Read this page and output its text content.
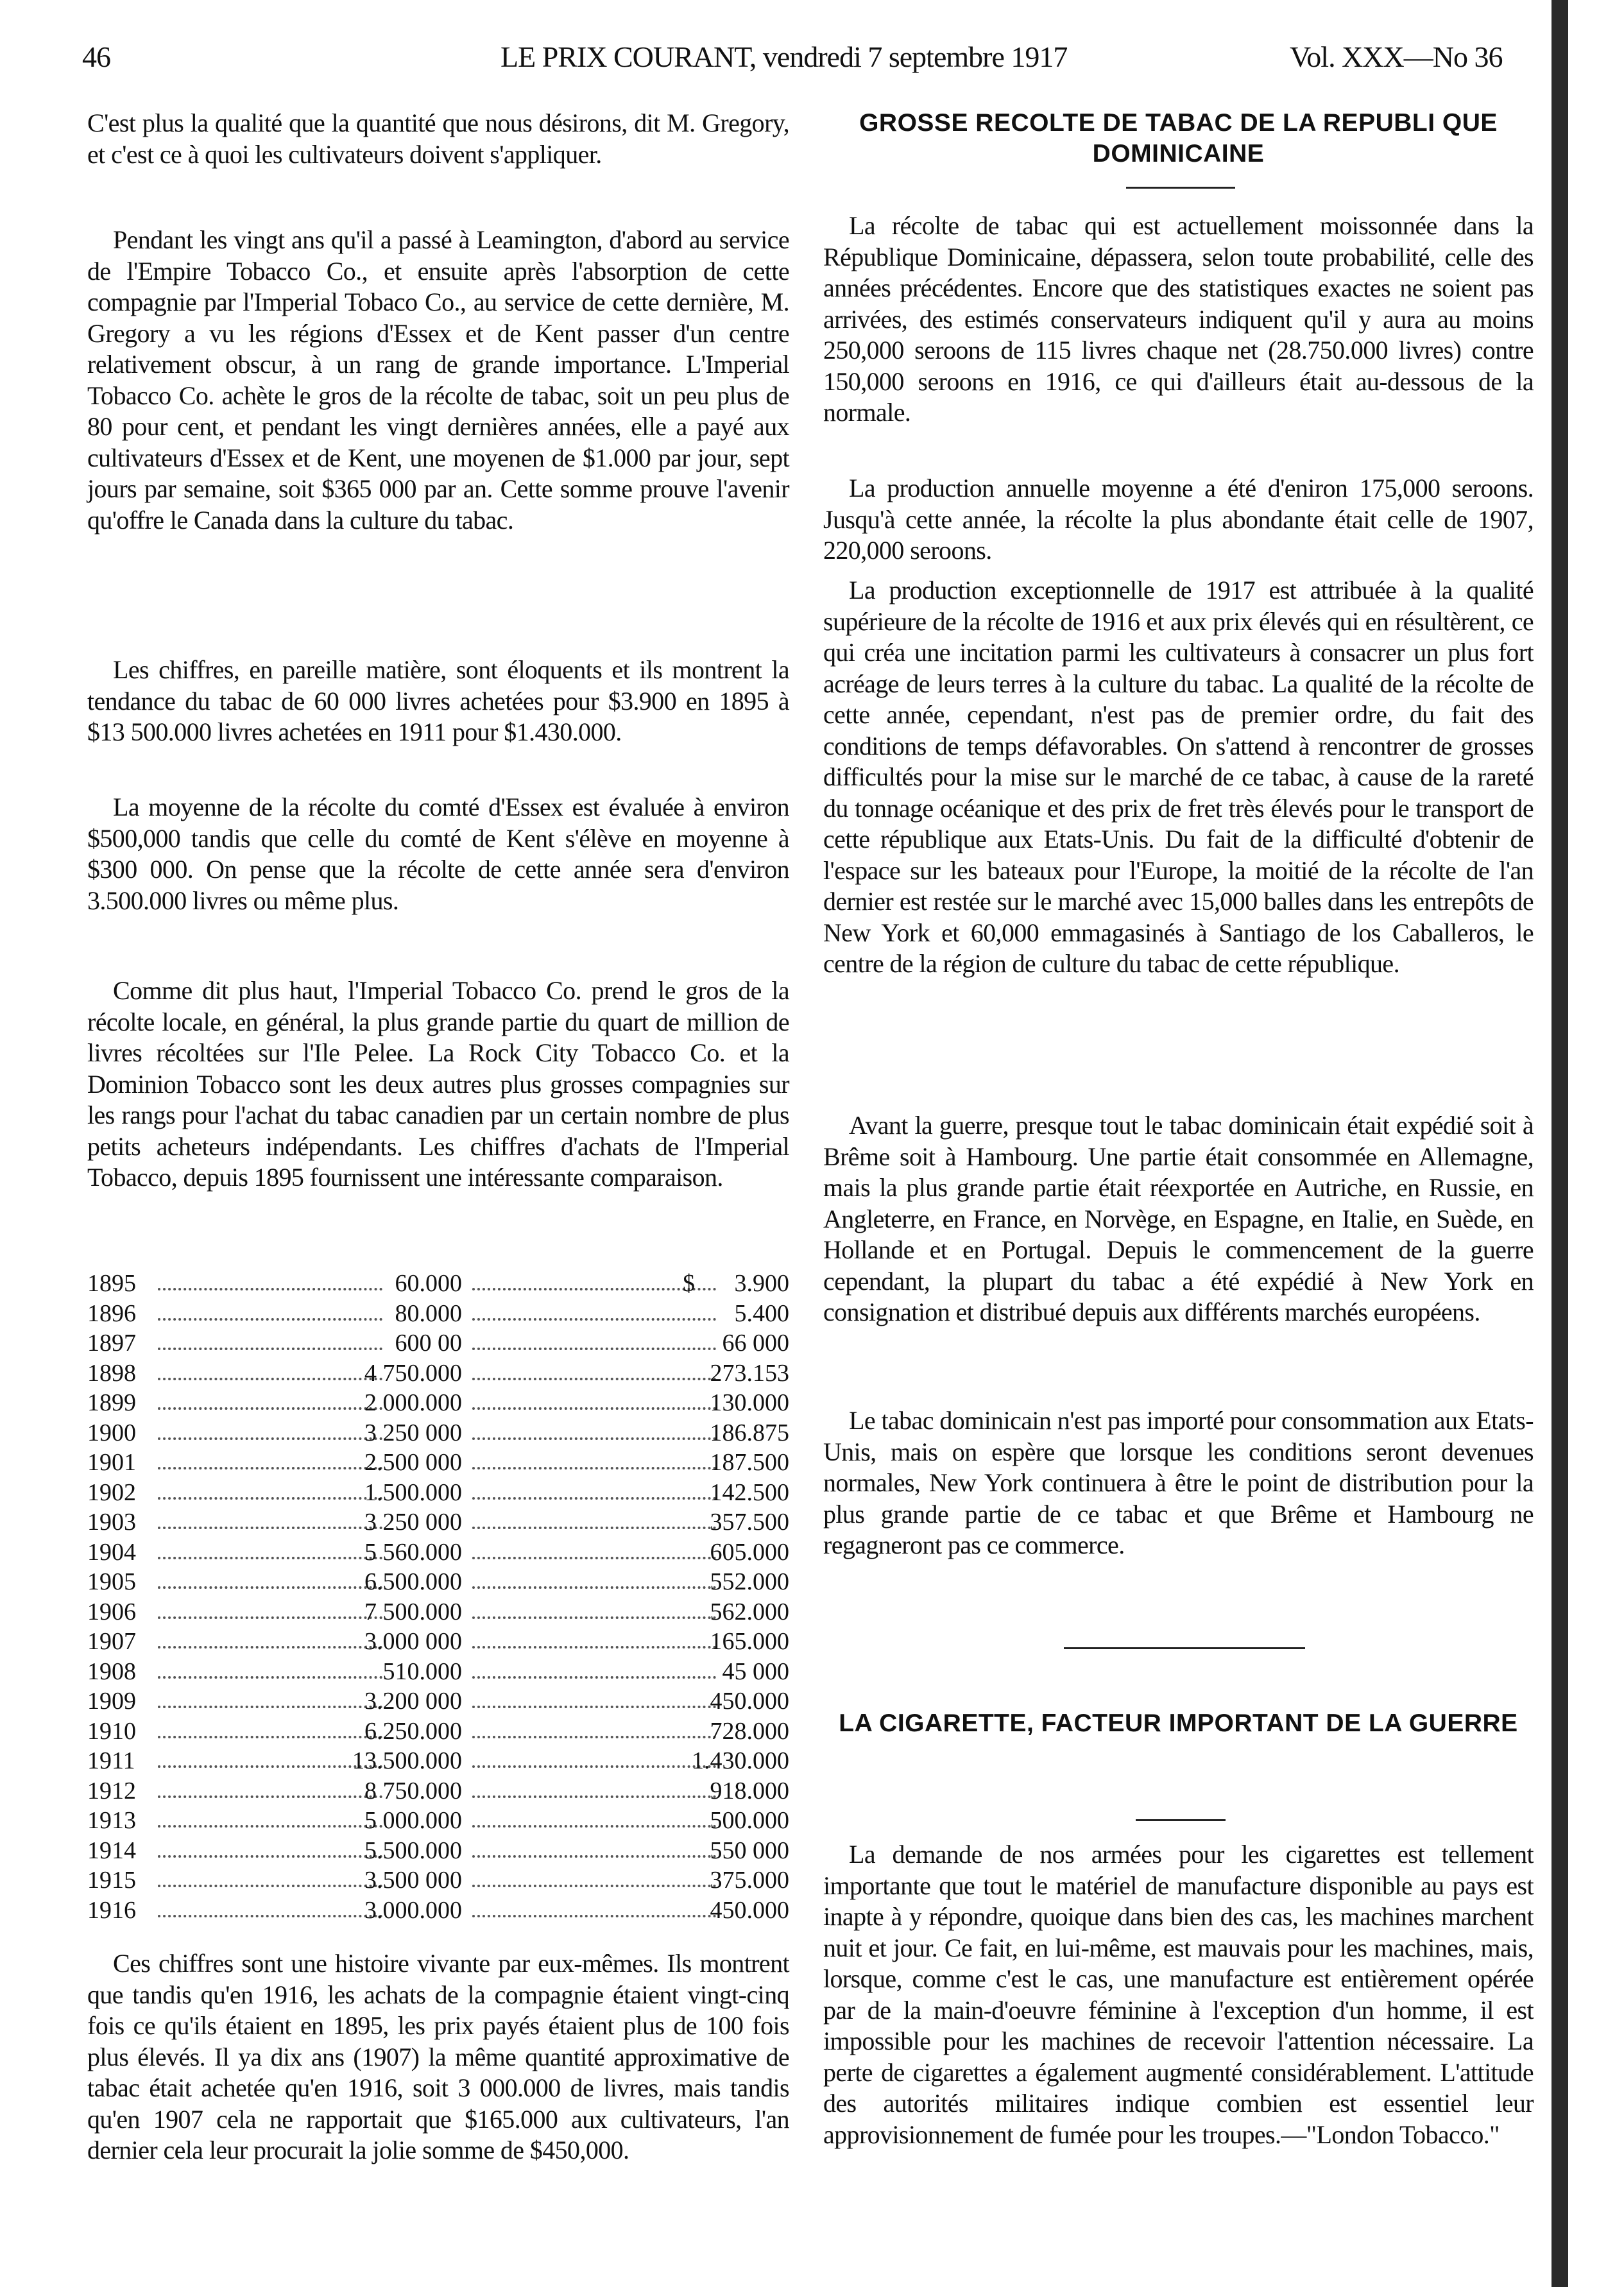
46	LE PRIX COURANT, vendredi 7 septembre 1917	Vol. XXX—No 36

C'est plus la qualité que la quantité que nous désirons, dit M. Gregory, et c'est ce à quoi les cultivateurs doivent s'appliquer.

Pendant les vingt ans qu'il a passé à Leamington, d'abord au service de l'Empire Tobacco Co., et ensuite après l'absorption de cette compagnie par l'Imperial Tobaco Co., au service de cette dernière, M. Gregory a vu les régions d'Essex et de Kent passer d'un centre relativement obscur, à un rang de grande importance. L'Imperial Tobacco Co. achète le gros de la récolte de tabac, soit un peu plus de 80 pour cent, et pendant les vingt dernières années, elle a payé aux cultivateurs d'Essex et de Kent, une moyenen de $1.000 par jour, sept jours par semaine, soit $365 000 par an. Cette somme prouve l'avenir qu'offre le Canada dans la culture du tabac.

Les chiffres, en pareille matière, sont éloquents et ils montrent la tendance du tabac de 60 000 livres achetées pour $3.900 en 1895 à $13 500.000 livres achetées en 1911 pour $1.430.000.

La moyenne de la récolte du comté d'Essex est évaluée à environ $500,000 tandis que celle du comté de Kent s'élève en moyenne à $300 000. On pense que la récolte de cette année sera d'environ 3.500.000 livres ou même plus.

Comme dit plus haut, l'Imperial Tobacco Co. prend le gros de la récolte locale, en général, la plus grande partie du quart de million de livres récoltées sur l'Ile Pelee. La Rock City Tobacco Co. et la Dominion Tobacco sont les deux autres plus grosses compagnies sur les rangs pour l'achat du tabac canadien par un certain nombre de plus petits acheteurs indépendants. Les chiffres d'achats de l'Imperial Tobacco, depuis 1895 fournissent une intéressante comparaison.

1895	60.000	$ 3.900
1896	80.000	5.400
1897	600 00	66 000
1898	4 750.000	273.153
1899	2 000.000	130.000
1900	3 250 000	186.875
1901	2.500 000	187.500
1902	1.500.000	142.500
1903	3 250 000	357.500
1904	5 560.000	605.000
1905	6.500.000	552.000
1906	7 500.000	562.000
1907	3.000 000	165.000
1908	510.000	45 000
1909	3.200 000	450.000
1910	6.250.000	728.000
1911	13.500.000	1.430.000
1912	8 750.000	918.000
1913	5 000.000	500.000
1914	5.500.000	550 000
1915	3.500 000	375.000
1916	3.000.000	450.000

Ces chiffres sont une histoire vivante par eux-mêmes. Ils montrent que tandis qu'en 1916, les achats de la compagnie étaient vingt-cinq fois ce qu'ils étaient en 1895, les prix payés étaient plus de 100 fois plus élevés. Il ya dix ans (1907) la même quantité approximative de tabac était achetée qu'en 1916, soit 3 000.000 de livres, mais tandis qu'en 1907 cela ne rapportait que $165.000 aux cultivateurs, l'an dernier cela leur procurait la jolie somme de $450,000.

GROSSE RECOLTE DE TABAC DE LA REPUBLI QUE DOMINICAINE

La récolte de tabac qui est actuellement moissonnée dans la République Dominicaine, dépassera, selon toute probabilité, celle des années précédentes. Encore que des statistiques exactes ne soient pas arrivées, des estimés conservateurs indiquent qu'il y aura au moins 250,000 seroons de 115 livres chaque net (28.750.000 livres) contre 150,000 seroons en 1916, ce qui d'ailleurs était au-dessous de la normale.

La production annuelle moyenne a été d'eniron 175,000 seroons. Jusqu'à cette année, la récolte la plus abondante était celle de 1907, 220,000 seroons.

La production exceptionnelle de 1917 est attribuée à la qualité supérieure de la récolte de 1916 et aux prix élevés qui en résultèrent, ce qui créa une incitation parmi les cultivateurs à consacrer un plus fort acréage de leurs terres à la culture du tabac. La qualité de la récolte de cette année, cependant, n'est pas de premier ordre, du fait des conditions de temps défavorables. On s'attend à rencontrer de grosses difficultés pour la mise sur le marché de ce tabac, à cause de la rareté du tonnage océanique et des prix de fret très élevés pour le transport de cette république aux Etats-Unis. Du fait de la difficulté d'obtenir de l'espace sur les bateaux pour l'Europe, la moitié de la récolte de l'an dernier est restée sur le marché avec 15,000 balles dans les entrepôts de New York et 60,000 emmagasinés à Santiago de los Caballeros, le centre de la région de culture du tabac de cette république.

Avant la guerre, presque tout le tabac dominicain était expédié soit à Brême soit à Hambourg. Une partie était consommée en Allemagne, mais la plus grande partie était réexportée en Autriche, en Russie, en Angleterre, en France, en Norvège, en Espagne, en Italie, en Suède, en Hollande et en Portugal. Depuis le commencement de la guerre cependant, la plupart du tabac a été expédié à New York en consignation et distribué depuis aux différents marchés européens.

Le tabac dominicain n'est pas importé pour consommation aux Etats-Unis, mais on espère que lorsque les conditions seront devenues normales, New York continuera à être le point de distribution pour la plus grande partie de ce tabac et que Brême et Hambourg ne regagneront pas ce commerce.

LA CIGARETTE, FACTEUR IMPORTANT DE LA GUERRE

La demande de nos armées pour les cigarettes est tellement importante que tout le matériel de manufacture disponible au pays est inapte à y répondre, quoique dans bien des cas, les machines marchent nuit et jour. Ce fait, en lui-même, est mauvais pour les machines, mais, lorsque, comme c'est le cas, une manufacture est entièrement opérée par de la main-d'oeuvre féminine à l'exception d'un homme, il est impossible pour les machines de recevoir l'attention nécessaire. La perte de cigarettes a également augmenté considérablement. L'attitude des autorités militaires indique combien est essentiel leur approvisionnement de fumée pour les troupes.—"London Tobacco."
